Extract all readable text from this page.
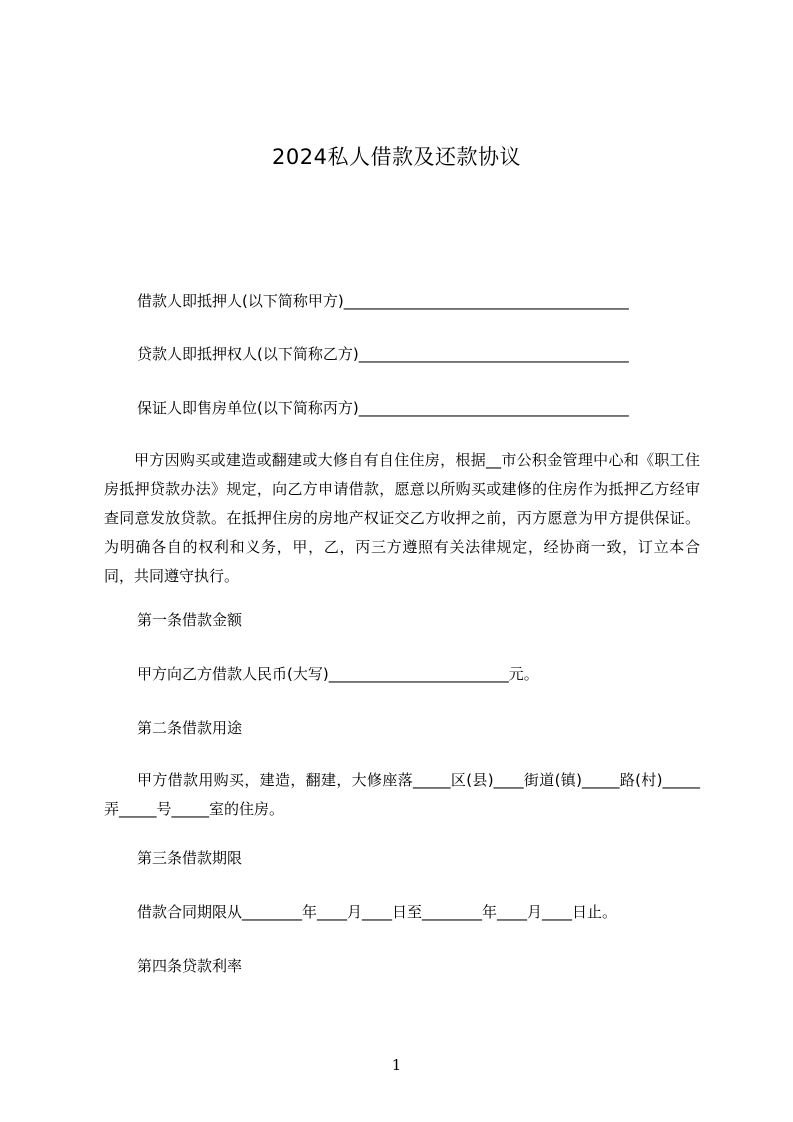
2024私人借款及还款协议
借款人即抵押人(以下简称甲方)______________________________________
贷款人即抵押权人(以下简称乙方)____________________________________
保证人即售房单位(以下简称丙方)____________________________________
甲方因购买或建造或翻建或大修自有自住住房，根据__市公积金管理中心和《职工住房抵押贷款办法》规定，向乙方申请借款，愿意以所购买或建修的住房作为抵押乙方经审查同意发放贷款。在抵押住房的房地产权证交乙方收押之前，丙方愿意为甲方提供保证。为明确各自的权利和义务，甲，乙，丙三方遵照有关法律规定，经协商一致，订立本合同，共同遵守执行。
第一条借款金额
甲方向乙方借款人民币(大写)________________________元。
第二条借款用途
甲方借款用购买，建造，翻建，大修座落_____区(县)____街道(镇)_____路(村)_____弄_____号_____室的住房。
第三条借款期限
借款合同期限从________年____月____日至________年____月____日止。
第四条贷款利率
1
